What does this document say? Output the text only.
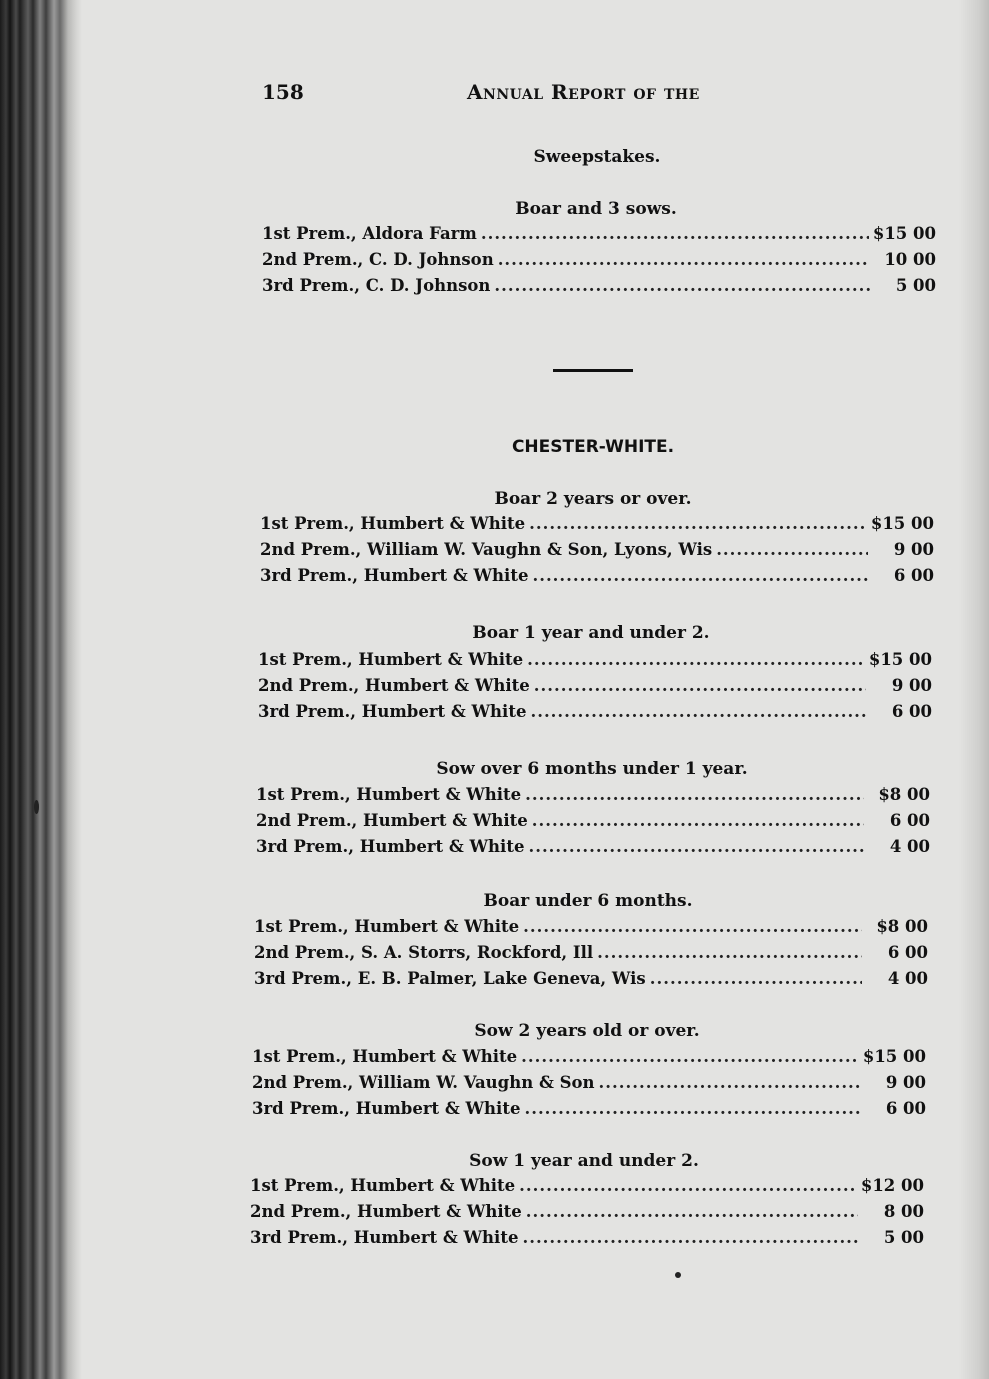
158	Annual Report of the
Sweepstakes.
Boar and 3 sows.
1st Prem., Aldora Farm .....	$15 00
2nd Prem., C. D. Johnson .....	10 00
3rd Prem., C. D. Johnson .....	5 00
CHESTER-WHITE.
Boar 2 years or over.
1st Prem., Humbert & White .....	$15 00
2nd Prem., William W. Vaughn & Son, Lyons, Wis .....	9 00
3rd Prem., Humbert & White .....	6 00
Boar 1 year and under 2.
1st Prem., Humbert & White .....	$15 00
2nd Prem., Humbert & White .....	9 00
3rd Prem., Humbert & White .....	6 00
Sow over 6 months under 1 year.
1st Prem., Humbert & White .....	$8 00
2nd Prem., Humbert & White .....	6 00
3rd Prem., Humbert & White .....	4 00
Boar under 6 months.
1st Prem., Humbert & White .....	$8 00
2nd Prem., S. A. Storrs, Rockford, Ill .....	6 00
3rd Prem., E. B. Palmer, Lake Geneva, Wis .....	4 00
Sow 2 years old or over.
1st Prem., Humbert & White .....	$15 00
2nd Prem., William W. Vaughn & Son .....	9 00
3rd Prem., Humbert & White .....	6 00
Sow 1 year and under 2.
1st Prem., Humbert & White .....	$12 00
2nd Prem., Humbert & White .....	8 00
3rd Prem., Humbert & White .....	5 00
